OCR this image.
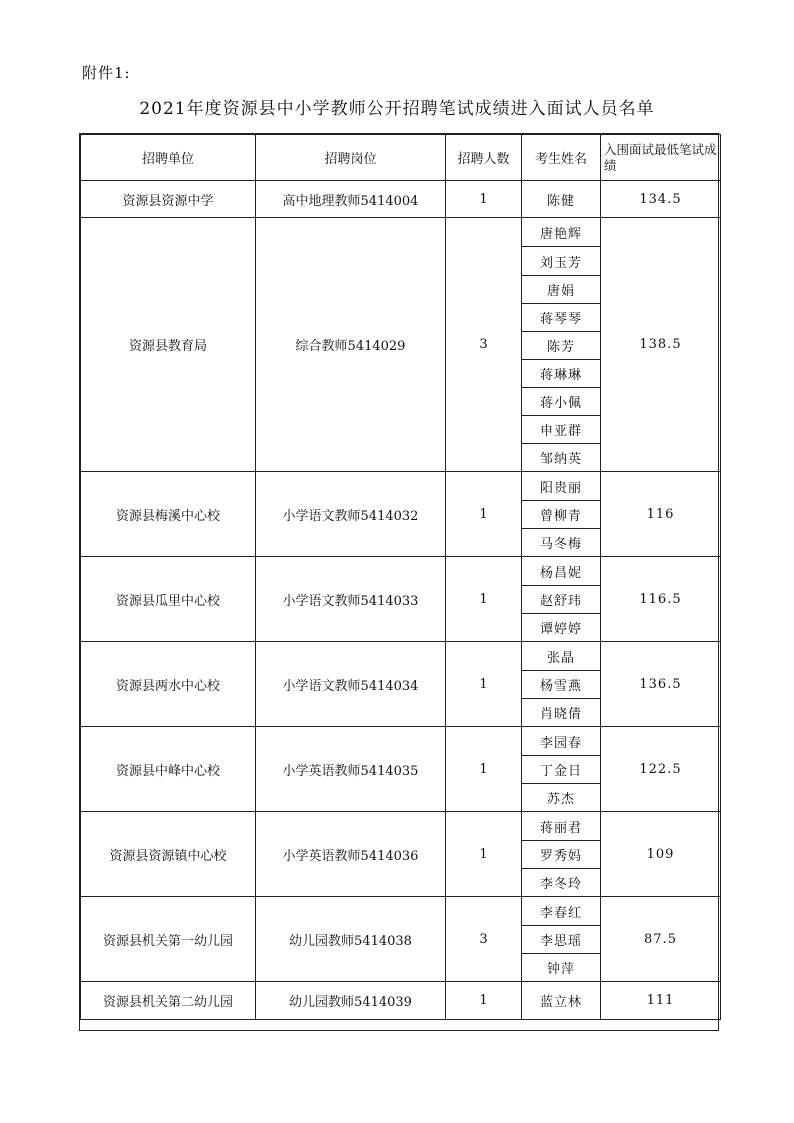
附件1:
2021年度资源县中小学教师公开招聘笔试成绩进入面试人员名单
招聘单位	招聘岗位	招聘人数	考生姓名	入围面试最低笔试成绩
资源县资源中学	高中地理教师5414004	1	陈健	134.5
资源县教育局	综合教师5414029	3	唐艳辉	138.5
			刘玉芳	
			唐娟	
			蒋琴琴	
			陈芳	
			蒋琳琳	
			蒋小佩	
			申亚群	
			邹纳英	
资源县梅溪中心校	小学语文教师5414032	1	阳贵丽	116
			曾柳青	
			马冬梅	
资源县瓜里中心校	小学语文教师5414033	1	杨昌妮	116.5
			赵舒玮	
			谭婷婷	
资源县两水中心校	小学语文教师5414034	1	张晶	136.5
			杨雪燕	
			肖晓倩	
资源县中峰中心校	小学英语教师5414035	1	李园春	122.5
			丁金日	
			苏杰	
资源县资源镇中心校	小学英语教师5414036	1	蒋丽君	109
			罗秀妈	
			李冬玲	
资源县机关第一幼儿园	幼儿园教师5414038	3	李春红	87.5
			李思瑶	
			钟萍	
资源县机关第二幼儿园	幼儿园教师5414039	1	蓝立林	111
